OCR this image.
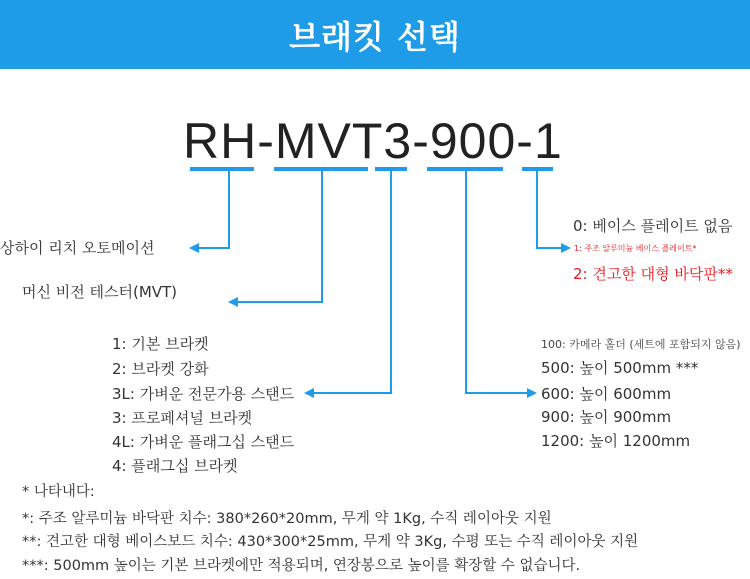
브래킷 선택
RH-MVT3-900-1
상하이 리치 오토메이션
머신 비전 테스터(MVT)
1: 기본 브라켓
2: 브라켓 강화
3L: 가벼운 전문가용 스탠드
3: 프로페셔널 브라켓
4L: 가벼운 플래그십 스탠드
4: 플래그십 브라켓
100: 카메라 홀더 (세트에 포함되지 않음)
500: 높이 500mm ***
600: 높이 600mm
900: 높이 900mm
1200: 높이 1200mm
0: 베이스 플레이트 없음
1: 주조 알루미늄 베이스 플레이트*
2: 견고한 대형 바닥판**
* 나타내다:
*: 주조 알루미늄 바닥판 치수: 380*260*20mm, 무게 약 1Kg, 수직 레이아웃 지원
**: 견고한 대형 베이스보드 치수: 430*300*25mm, 무게 약 3Kg, 수평 또는 수직 레이아웃 지원
***: 500mm 높이는 기본 브라켓에만 적용되며, 연장봉으로 높이를 확장할 수 없습니다.
